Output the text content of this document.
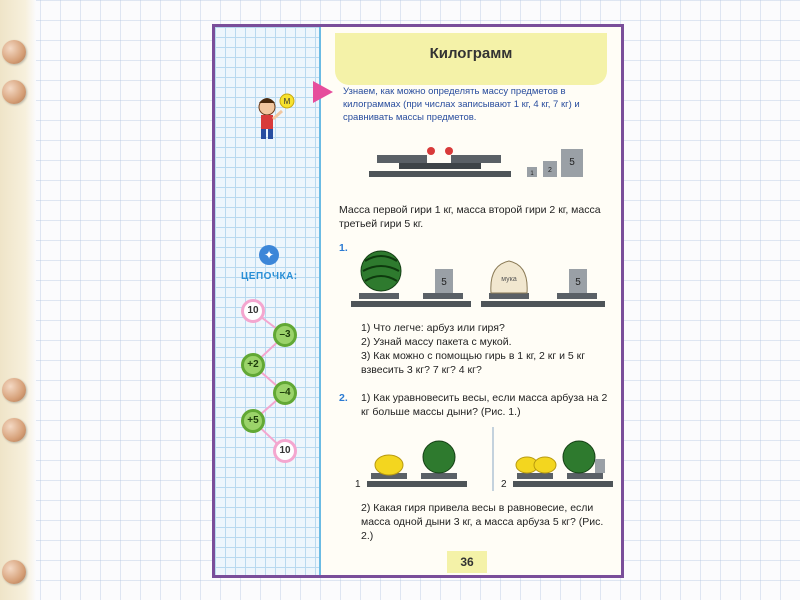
М
✦
ЦЕПОЧКА:
10
–3
+2
–4
+5
10
Килограмм
Узнаем, как можно определять массу предметов в килограммах (при числах записывают 1 кг, 4 кг, 7 кг) и сравнивать массы предметов.
1 2
5
Масса первой гири 1 кг, масса второй гири 2 кг, масса третьей гири 5 кг.
1.
5	мука	5
1) Что легче: арбуз или гиря?
2) Узнай массу пакета с мукой.
3) Как можно с помощью гирь в 1 кг, 2 кг и 5 кг взвесить 3 кг? 7 кг? 4 кг?
2. 1) Как уравновесить весы, если масса арбуза на 2 кг больше массы дыни? (Рис. 1.)
1	2
2) Какая гиря привела весы в равновесие, если масса одной дыни 3 кг, а масса арбуза 5 кг? (Рис. 2.)
36
